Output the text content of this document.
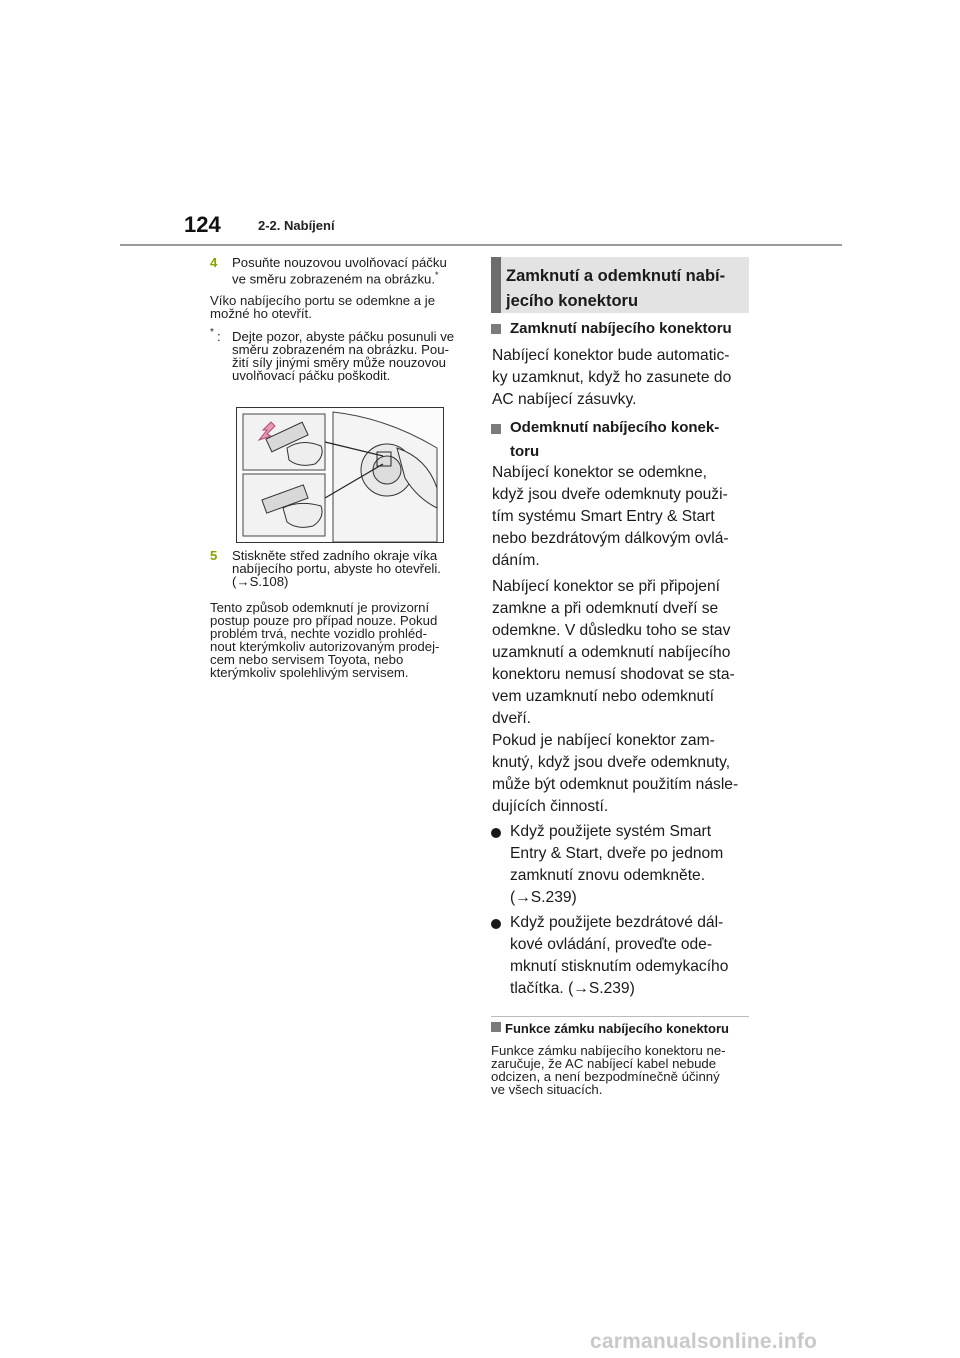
124	2-2. Nabíjení
4 Posuňte nouzovou uvolňovací páčku
ve směru zobrazeném na obrázku.*
Víko nabíjecího portu se odemkne a je
možné ho otevřít.
* : Dejte pozor, abyste páčku posunuli ve
směru zobrazeném na obrázku. Pou-
žití síly jinými směry může nouzovou
uvolňovací páčku poškodit.
5 Stiskněte střed zadního okraje víka
nabíjecího portu, abyste ho otevřeli.
(→S.108)
Tento způsob odemknutí je provizorní
postup pouze pro případ nouze. Pokud
problém trvá, nechte vozidlo prohléd-
nout kterýmkoliv autorizovaným prodej-
cem nebo servisem Toyota, nebo
kterýmkoliv spolehlivým servisem.
Zamknutí a odemknutí nabí-
jecího konektoru
Zamknutí nabíjecího konektoru
Nabíjecí konektor bude automatic-
ky uzamknut, když ho zasunete do
AC nabíjecí zásuvky.
Odemknutí nabíjecího konek-
toru
Nabíjecí konektor se odemkne,
když jsou dveře odemknuty použi-
tím systému Smart Entry & Start
nebo bezdrátovým dálkovým ovlá-
dáním.
Nabíjecí konektor se při připojení
zamkne a při odemknutí dveří se
odemkne. V důsledku toho se stav
uzamknutí a odemknutí nabíjecího
konektoru nemusí shodovat se sta-
vem uzamknutí nebo odemknutí
dveří.
Pokud je nabíjecí konektor zam-
knutý, když jsou dveře odemknuty,
může být odemknut použitím násle-
dujících činností.
Když použijete systém Smart
Entry & Start, dveře po jednom
zamknutí znovu odemkněte.
(→S.239)
Když použijete bezdrátové dál-
kové ovládání, proveďte ode-
mknutí stisknutím odemykacího
tlačítka. (→S.239)
Funkce zámku nabíjecího konektoru
Funkce zámku nabíjecího konektoru ne-
zaručuje, že AC nabíjecí kabel nebude
odcizen, a není bezpodmínečně účinný
ve všech situacích.
carmanualsonline.info
